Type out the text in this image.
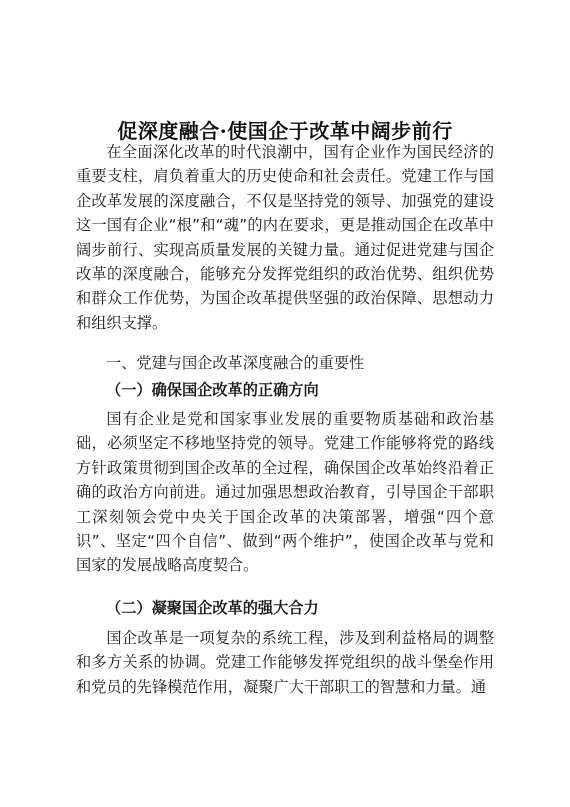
促深度融合·使国企于改革中阔步前行

在全面深化改革的时代浪潮中，国有企业作为国民经济的重要支柱，肩负着重大的历史使命和社会责任。党建工作与国企改革发展的深度融合，不仅是坚持党的领导、加强党的建设这一国有企业“根”和“魂”的内在要求，更是推动国企在改革中阔步前行、实现高质量发展的关键力量。通过促进党建与国企改革的深度融合，能够充分发挥党组织的政治优势、组织优势和群众工作优势，为国企改革提供坚强的政治保障、思想动力和组织支撑。

一、党建与国企改革深度融合的重要性
（一）确保国企改革的正确方向

国有企业是党和国家事业发展的重要物质基础和政治基础，必须坚定不移地坚持党的领导。党建工作能够将党的路线方针政策贯彻到国企改革的全过程，确保国企改革始终沿着正确的政治方向前进。通过加强思想政治教育，引导国企干部职工深刻领会党中央关于国企改革的决策部署，增强“四个意识”、坚定“四个自信”、做到“两个维护”，使国企改革与党和国家的发展战略高度契合。

（二）凝聚国企改革的强大合力

国企改革是一项复杂的系统工程，涉及到利益格局的调整和多方关系的协调。党建工作能够发挥党组织的战斗堡垒作用和党员的先锋模范作用，凝聚广大干部职工的智慧和力量。通
